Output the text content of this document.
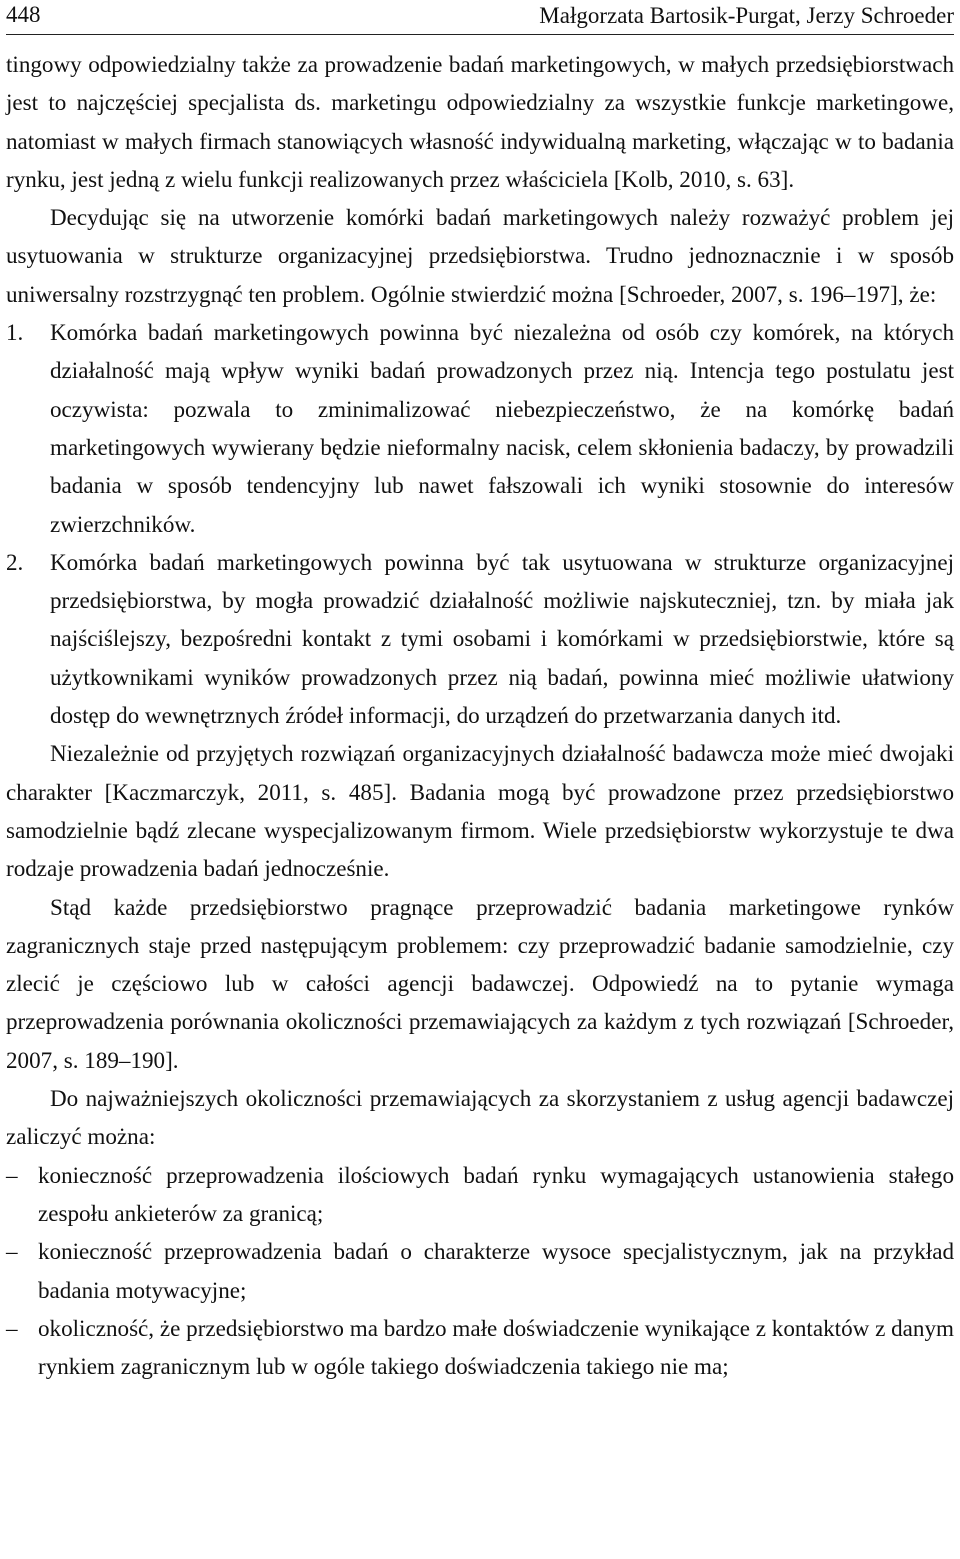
448	Małgorzata Bartosik-Purgat, Jerzy Schroeder

tingowy odpowiedzialny także za prowadzenie badań marketingowych, w małych przedsiębiorstwach jest to najczęściej specjalista ds. marketingu odpowiedzialny za wszystkie funkcje marketingowe, natomiast w małych firmach stanowiących własność indywidualną marketing, włączając w to badania rynku, jest jedną z wielu funkcji realizowanych przez właściciela [Kolb, 2010, s. 63].

Decydując się na utworzenie komórki badań marketingowych należy rozważyć problem jej usytuowania w strukturze organizacyjnej przedsiębiorstwa. Trudno jednoznacznie i w sposób uniwersalny rozstrzygnąć ten problem. Ogólnie stwierdzić można [Schroeder, 2007, s. 196–197], że:

1.	Komórka badań marketingowych powinna być niezależna od osób czy komórek, na których działalność mają wpływ wyniki badań prowadzonych przez nią. Intencja tego postulatu jest oczywista: pozwala to zminimalizować niebezpieczeństwo, że na komórkę badań marketingowych wywierany będzie nieformalny nacisk, celem skłonienia badaczy, by prowadzili badania w sposób tendencyjny lub nawet fałszowali ich wyniki stosownie do interesów zwierzchników.

2.	Komórka badań marketingowych powinna być tak usytuowana w strukturze organizacyjnej przedsiębiorstwa, by mogła prowadzić działalność możliwie najskuteczniej, tzn. by miała jak najściślejszy, bezpośredni kontakt z tymi osobami i komórkami w przedsiębiorstwie, które są użytkownikami wyników prowadzonych przez nią badań, powinna mieć możliwie ułatwiony dostęp do wewnętrznych źródeł informacji, do urządzeń do przetwarzania danych itd.

Niezależnie od przyjętych rozwiązań organizacyjnych działalność badawcza może mieć dwojaki charakter [Kaczmarczyk, 2011, s. 485]. Badania mogą być prowadzone przez przedsiębiorstwo samodzielnie bądź zlecane wyspecjalizowanym firmom. Wiele przedsiębiorstw wykorzystuje te dwa rodzaje prowadzenia badań jednocześnie.

Stąd każde przedsiębiorstwo pragnące przeprowadzić badania marketingowe rynków zagranicznych staje przed następującym problemem: czy przeprowadzić badanie samodzielnie, czy zlecić je częściowo lub w całości agencji badawczej. Odpowiedź na to pytanie wymaga przeprowadzenia porównania okoliczności przemawiających za każdym z tych rozwiązań [Schroeder, 2007, s. 189–190].

Do najważniejszych okoliczności przemawiających za skorzystaniem z usług agencji badawczej zaliczyć można:

– konieczność przeprowadzenia ilościowych badań rynku wymagających ustanowienia stałego zespołu ankieterów za granicą;

– konieczność przeprowadzenia badań o charakterze wysoce specjalistycznym, jak na przykład badania motywacyjne;

– okoliczność, że przedsiębiorstwo ma bardzo małe doświadczenie wynikające z kontaktów z danym rynkiem zagranicznym lub w ogóle takiego doświadczenia takiego nie ma;
